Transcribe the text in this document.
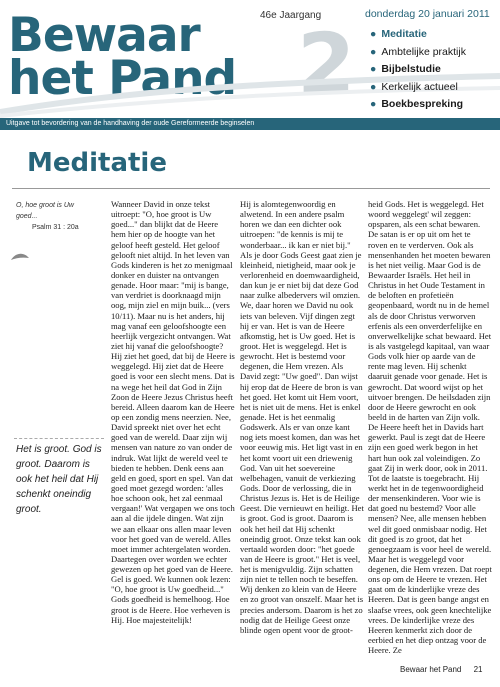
Bewaar
het Pand 2
46e Jaargang	donderdag 20 januari 2011
● Meditatie
● Ambtelijke praktijk
● Bijbelstudie
● Kerkelijk actueel
● Boekbespreking
Uitgave tot bevordering van de handhaving der oude Gereformeerde beginselen
Meditatie
O, hoe groot is Uw goed...
Psalm 31 : 20a
Het is groot. God is groot. Daarom is ook het heil dat Hij schenkt oneindig groot.

Wanneer David in onze tekst uitroept: "O, hoe groot is Uw goed..." dan blijkt dat de Heere hem hier op de hoogte van het geloof heeft gesteld. Het geloof gelooft niet altijd. In het leven van Gods kinderen is het zo menigmaal donker en duister na ontvangen genade. Hoor maar: "mij is bange, van verdriet is doorknaagd mijn oog, mijn ziel en mijn buik... (vers 10/11). Maar nu is het anders, hij mag vanaf een geloofshoogte een heerlijk vergezicht ontvangen. Wat ziet hij vanaf die geloofshoogte? Hij ziet het goed, dat bij de Heere is weggelegd. Hij ziet dat de Heere goed is voor een slecht mens. Dat is na wege het heil dat God in Zijn Zoon de Heere Jezus Christus heeft bereid. Alleen daarom kan de Heere op een zondig mens neerzien. Nee, David spreekt niet over het echt goed van de wereld. Daar zijn wij mensen van nature zo van onder de indruk. Wat lijkt de wereld veel te bieden te hebben. Denk eens aan geld en goed, sport en spel. Van dat goed moet gezegd worden: 'alles hoe schoon ook, het zal eenmaal vergaan!' Wat vergapen we ons toch aan al die ijdele dingen. Wat zijn we aan elkaar ons allen maar leven voor het goed van de wereld. Alles moet immer achtergelaten worden. Daartegen over worden we echter gewezen op het goed van de Heere. Gel is goed. We kunnen ook lezen: "O, hoe groot is Uw goedheid..." Gods goedheid is hemelhoog. Hoe groot is de Heere. Hoe verheven is Hij. Hoe majesteitelijk!

Hij is alomtegenwoordig en alwetend. In een andere psalm horen we dan een dichter ook uitroepen: "de kennis is mij te wonderbaar... ik kan er niet bij." Als je door Gods Geest gaat zien je kleinheid, nietigheid, maar ook je verlorenheid en doemwaardigheid, dan kun je er niet bij dat deze God naar zulke albedervers wil omzien. We, daar horen we David nu ook iets van beleven. Vijf dingen zegt hij er van. Het is van de Heere afkomstig, het is Uw goed. Het is groot. Het is weggelegd. Het is gewrocht. Het is bestemd voor degenen, die Hem vrezen. Als David zegt: "Uw goed". Dan wijst hij erop dat de Heere de bron is van het goed. Het komt uit Hem voort, het is niet uit de mens. Het is enkel genade. Het is het eenmalig Godswerk. Als er van onze kant nog iets moest komen, dan was het voor eeuwig mis. Het ligt vast in en het komt voort uit een driewenig God. Van uit het soevereine welbehagen, vanuit de verkiezing Gods. Door de verlossing, die in Christus Jezus is. Het is de Heilige Geest. Die vernieuwt en heiligt. Het is groot. God is groot. Daarom is ook het heil dat Hij schenkt oneindig groot. Onze tekst kan ook vertaald worden door: "het goede van de Heere is groot." Het is veel, het is menigvuldig. Zijn schatten zijn niet te tellen noch te beseffen. Wij denken zo klein van de Heere en zo groot van onszelf. Maar het is precies andersom. Daarom is het zo nodig dat de Heilige Geest onze blinde ogen opent voor de groot-

heid Gods. Het is weggelegd. Het woord weggelegt' wil zeggen: opsparen, als een schat bewaren. De satan is er op uit om het te roven en te verderven. Ook als mensenhanden het moeten bewaren is het niet veilig. Maar God is de Bewaarder Israëls. Het heil in Christus in het Oude Testament in de beloften en profetieën geopenbaard, wordt nu in de hemel als de door Christus verworven erfenis als een onverderfelijke en onverwelkelijke schat bewaard. Het is als vastgelegd kapitaal, van waar Gods volk hier op aarde van de rente mag leven. Hij schenkt daaruit genade voor genade. Het is gewrocht. Dat woord wijst op het uitvoer brengen. De heilsdaden zijn door de Heere gewrocht en ook beeld in de harten van Zijn volk. De Heere heeft het in Davids hart gewerkt. Paul is zegt dat de Heere zijn een goed werk begon in het hart hun ook zal voleindigen. Zo gaat Zij in werk door, ook in 2011. Tot de laatste is toegebracht. Hij werkt het in de tegenwoordigheid der mensenkinderen. Voor wie is dat goed nu bestemd? Voor alle mensen? Nee, alle mensen hebben wel dit goed onmisbaar nodig. Het dit goed is zo groot, dat het genoegzaam is voor heel de wereld. Maar het is weggelegd voor degenen, die Hem vrezen. Dat roept ons op om de Heere te vrezen. Het gaat om de kinderlijke vreze des Heeren. Dat is geen bange angst en slaafse vrees, ook geen knechtelijke vrees. De kinderlijke vreze des Heeren kenmerkt zich door de eerbied en het diep ontzag voor de Heere. Ze

Bewaar het Pand 21
